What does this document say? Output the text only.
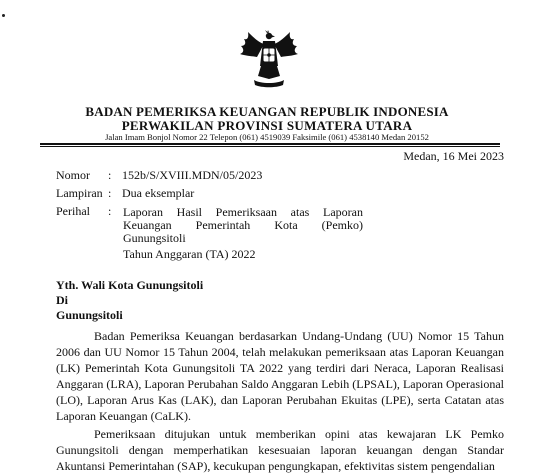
BADAN PEMERIKSA KEUANGAN REPUBLIK INDONESIA
PERWAKILAN PROVINSI SUMATERA UTARA
Jalan Imam Bonjol Nomor 22 Telepon (061) 4519039 Faksimile (061) 4538140 Medan 20152
Medan, 16 Mei 2023
Nomor : 152b/S/XVIII.MDN/05/2023
Lampiran : Dua eksemplar
Perihal : Laporan Hasil Pemeriksaan atas Laporan Keuangan Pemerintah Kota (Pemko) Gunungsitoli
Tahun Anggaran (TA) 2022
Yth. Wali Kota Gunungsitoli
Di
Gunungsitoli
Badan Pemeriksa Keuangan berdasarkan Undang-Undang (UU) Nomor 15 Tahun 2006 dan UU Nomor 15 Tahun 2004, telah melakukan pemeriksaan atas Laporan Keuangan (LK) Pemerintah Kota Gunungsitoli TA 2022 yang terdiri dari Neraca, Laporan Realisasi Anggaran (LRA), Laporan Perubahan Saldo Anggaran Lebih (LPSAL), Laporan Operasional (LO), Laporan Arus Kas (LAK), dan Laporan Perubahan Ekuitas (LPE), serta Catatan atas Laporan Keuangan (CaLK).
Pemeriksaan ditujukan untuk memberikan opini atas kewajaran LK Pemko Gunungsitoli dengan memperhatikan kesesuaian laporan keuangan dengan Standar Akuntansi Pemerintahan (SAP), kecukupan pengungkapan, efektivitas sistem pengendalian
